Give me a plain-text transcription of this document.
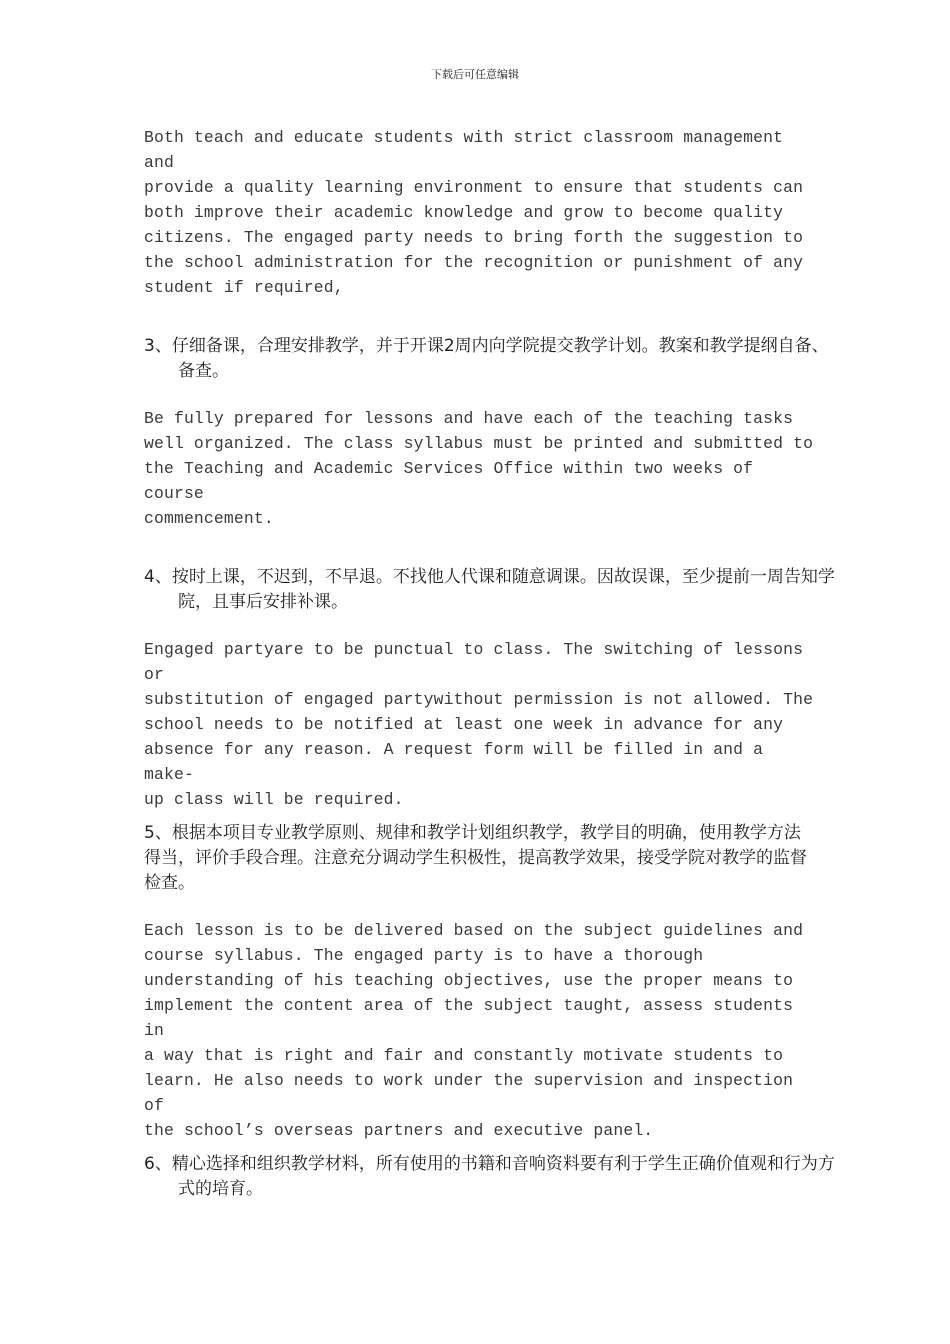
下载后可任意编辑

Both teach and educate students with strict classroom management and
provide a quality learning environment to ensure that students can
both improve their academic knowledge and grow to become quality
citizens. The engaged party needs to bring forth the suggestion to
the school administration for the recognition or punishment of any
student if required,

3、仔细备课，合理安排教学，并于开课2周内向学院提交教学计划。教案和教学提纲自备、备查。

Be fully prepared for lessons and have each of the teaching tasks
well organized. The class syllabus must be printed and submitted to
the Teaching and Academic Services Office within two weeks of course
commencement.

4、按时上课，不迟到，不早退。不找他人代课和随意调课。因故误课，至少提前一周告知学院，且事后安排补课。

Engaged partyare to be punctual to class. The switching of lessons or
substitution of engaged partywithout permission is not allowed. The
school needs to be notified at least one week in advance for any
absence for any reason. A request form will be filled in and a make-
up class will be required.

5、根据本项目专业教学原则、规律和教学计划组织教学，教学目的明确，使用教学方法得当，评价手段合理。注意充分调动学生积极性，提高教学效果，接受学院对教学的监督检查。

Each lesson is to be delivered based on the subject guidelines and
course syllabus. The engaged party is to have a thorough
understanding of his teaching objectives, use the proper means to
implement the content area of the subject taught, assess students in
a way that is right and fair and constantly motivate students to
learn. He also needs to work under the supervision and inspection of
the school’s overseas partners and executive panel.

6、精心选择和组织教学材料，所有使用的书籍和音响资料要有利于学生正确价值观和行为方式的培育。
